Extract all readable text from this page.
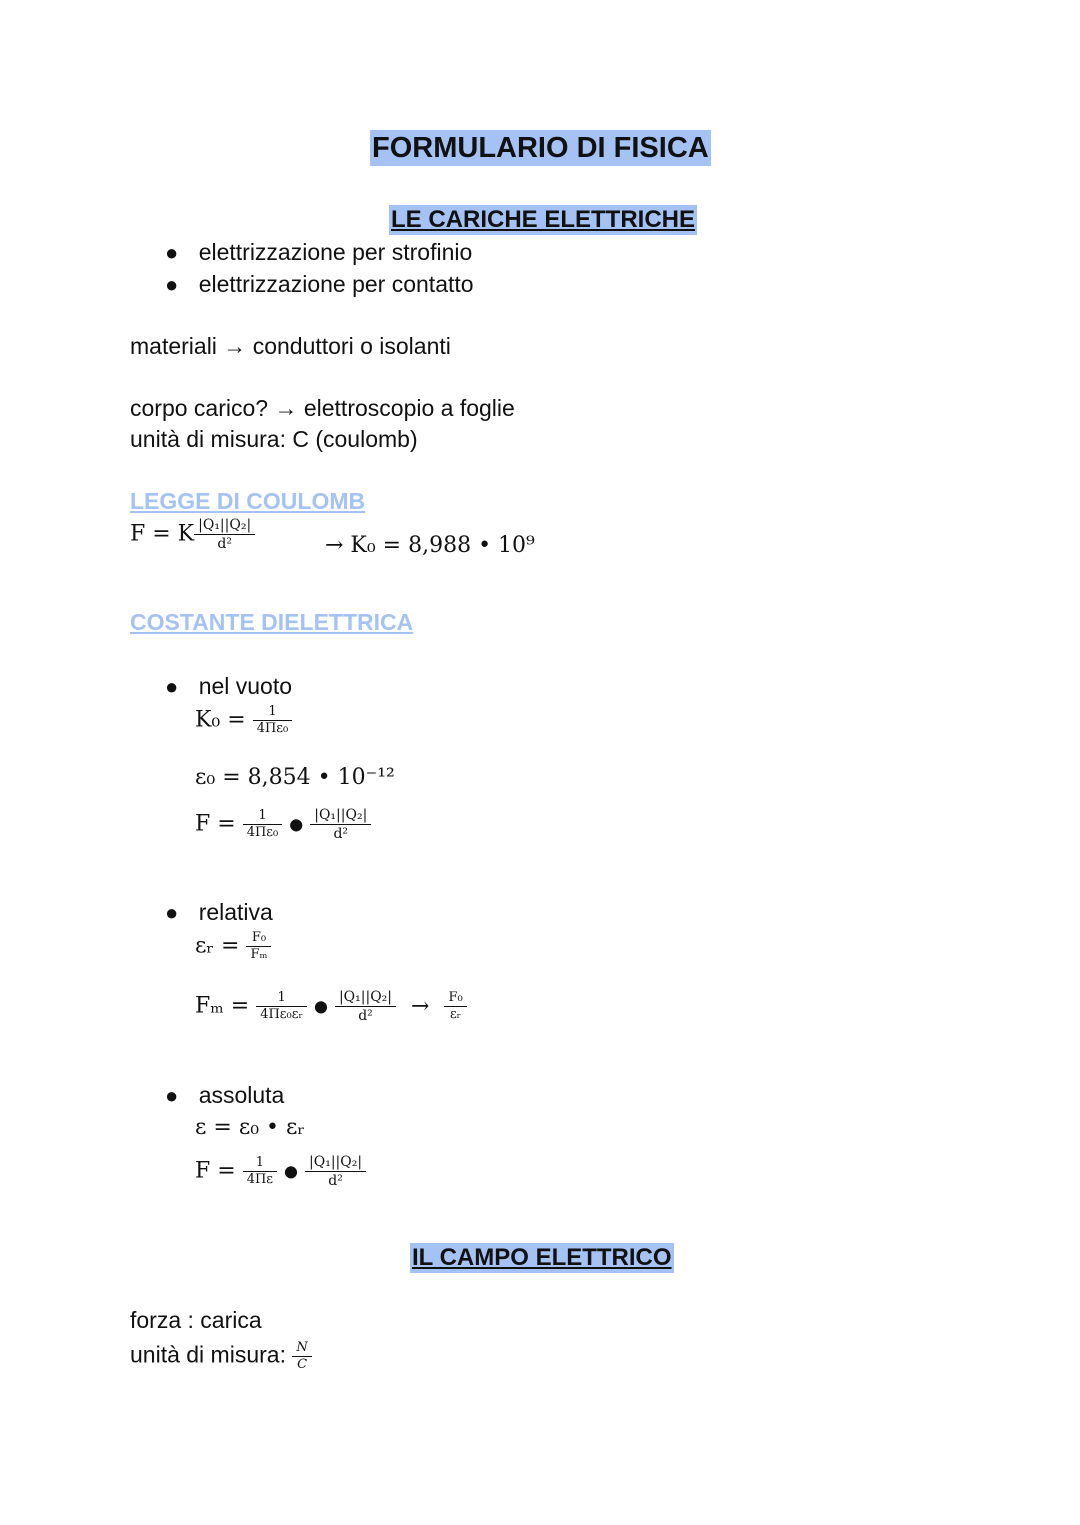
FORMULARIO DI FISICA
LE CARICHE ELETTRICHE
● elettrizzazione per strofinio
● elettrizzazione per contatto
materiali → conduttori o isolanti
corpo carico? → elettroscopio a foglie
unità di misura: C (coulomb)
LEGGE DI COULOMB
F = K $\frac{\text{|Q₁||Q₂|}}{\text{d²}}$	→ K₀ = 8,988 • 10⁹
COSTANTE DIELETTRICA
● nel vuoto
$K_0 = \frac{1}{\text{4Πε₀}}$
ε₀ = 8,854 • 10⁻¹²
$F = \frac{1}{\text{4Πε₀}}$ ● $\frac{\text{|Q₁||Q₂|}}{\text{d²}}$
● relativa
εᵣ = $\frac{\text{F₀}}{\text{Fₘ}}$
$F_m = \frac{1}{\text{4Πε₀εᵣ}}$ ● $\frac{\text{|Q₁||Q₂|}}{\text{d²}} \to \frac{\text{F₀}}{\text{εᵣ}}$
● assoluta
ε = ε₀ • εᵣ
$F = \frac{1}{4\Pi\varepsilon}$ ● $\frac{\text{|Q₁||Q₂|}}{\text{d²}}$
IL CAMPO ELETTRICO
forza : carica
unità di misura: $\frac{N}{C}$
